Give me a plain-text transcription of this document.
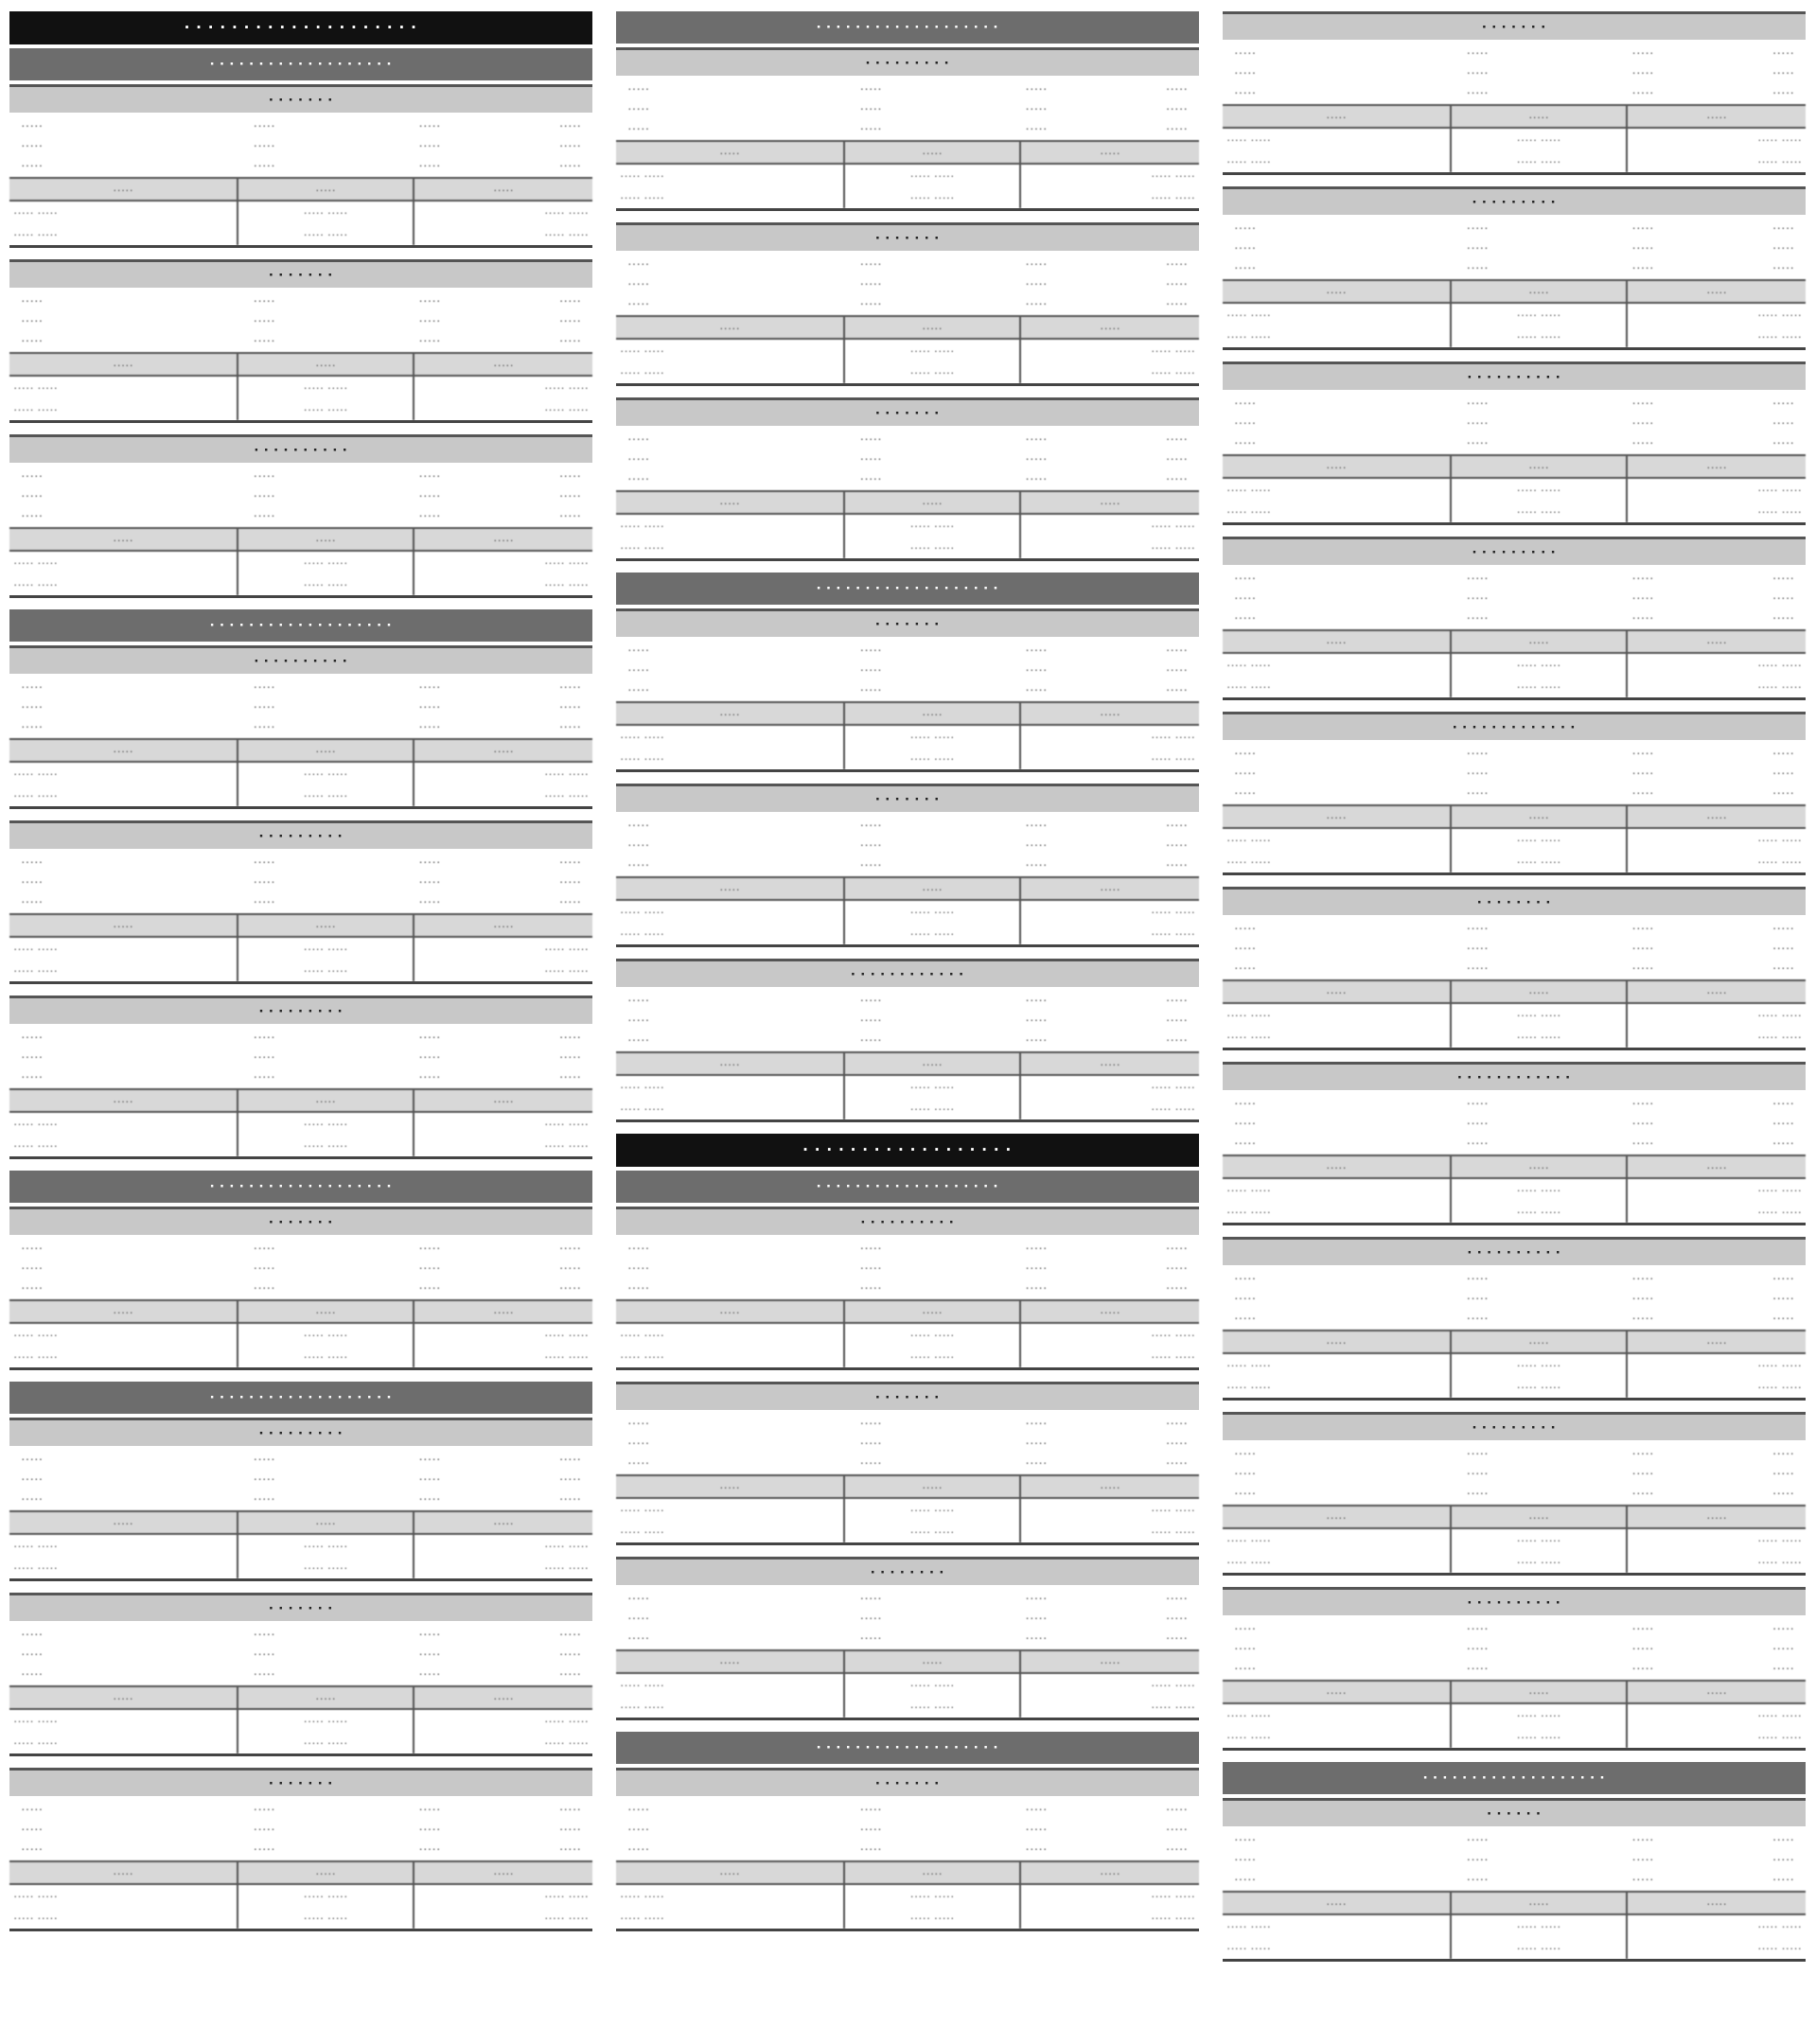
· · · · · · · · · · · · · · · · · · · ·
· · · · · · · · · · · · · · · · · · ·
· · · · · · ·
·····	·····	·····	·····
·····	·····	·····	·····
·····	·····	·····	·····
·····	·····	·····
····· ·····	····· ·····	····· ·····
····· ·····	····· ·····	····· ·····
· · · · · · ·
·····	·····	·····	·····
·····	·····	·····	·····
·····	·····	·····	·····
·····	·····	·····
····· ·····	····· ·····	····· ·····
····· ·····	····· ·····	····· ·····
· · · · · · · · · ·
·····	·····	·····	·····
·····	·····	·····	·····
·····	·····	·····	·····
·····	·····	·····
····· ·····	····· ·····	····· ·····
····· ·····	····· ·····	····· ·····
· · · · · · · · · · · · · · · · · · ·
· · · · · · · · · ·
·····	·····	·····	·····
·····	·····	·····	·····
·····	·····	·····	·····
·····	·····	·····
····· ·····	····· ·····	····· ·····
····· ·····	····· ·····	····· ·····
· · · · · · · · ·
·····	·····	·····	·····
·····	·····	·····	·····
·····	·····	·····	·····
·····	·····	·····
····· ·····	····· ·····	····· ·····
····· ·····	····· ·····	····· ·····
· · · · · · · · ·
·····	·····	·····	·····
·····	·····	·····	·····
·····	·····	·····	·····
·····	·····	·····
····· ·····	····· ·····	····· ·····
····· ·····	····· ·····	····· ·····
· · · · · · · · · · · · · · · · · · ·
· · · · · · ·
·····	·····	·····	·····
·····	·····	·····	·····
·····	·····	·····	·····
·····	·····	·····
····· ·····	····· ·····	····· ·····
····· ·····	····· ·····	····· ·····
· · · · · · · · · · · · · · · · · · ·
· · · · · · · · ·
·····	·····	·····	·····
·····	·····	·····	·····
·····	·····	·····	·····
·····	·····	·····
····· ·····	····· ·····	····· ·····
····· ·····	····· ·····	····· ·····
· · · · · · ·
·····	·····	·····	·····
·····	·····	·····	·····
·····	·····	·····	·····
·····	·····	·····
····· ·····	····· ·····	····· ·····
····· ·····	····· ·····	····· ·····
· · · · · · ·
·····	·····	·····	·····
·····	·····	·····	·····
·····	·····	·····	·····
·····	·····	·····
····· ·····	····· ·····	····· ·····
····· ·····	····· ·····	····· ·····
· · · · · · · · · · · · · · · · · · ·
· · · · · · · · ·
·····	·····	·····	·····
·····	·····	·····	·····
·····	·····	·····	·····
·····	·····	·····
····· ·····	····· ·····	····· ·····
····· ·····	····· ·····	····· ·····
· · · · · · ·
·····	·····	·····	·····
·····	·····	·····	·····
·····	·····	·····	·····
·····	·····	·····
····· ·····	····· ·····	····· ·····
····· ·····	····· ·····	····· ·····
· · · · · · ·
·····	·····	·····	·····
·····	·····	·····	·····
·····	·····	·····	·····
·····	·····	·····
····· ·····	····· ·····	····· ·····
····· ·····	····· ·····	····· ·····
· · · · · · · · · · · · · · · · · · ·
· · · · · · ·
·····	·····	·····	·····
·····	·····	·····	·····
·····	·····	·····	·····
·····	·····	·····
····· ·····	····· ·····	····· ·····
····· ·····	····· ·····	····· ·····
· · · · · · ·
·····	·····	·····	·····
·····	·····	·····	·····
·····	·····	·····	·····
·····	·····	·····
····· ·····	····· ·····	····· ·····
····· ·····	····· ·····	····· ·····
· · · · · · · · · · · ·
·····	·····	·····	·····
·····	·····	·····	·····
·····	·····	·····	·····
·····	·····	·····
····· ·····	····· ·····	····· ·····
····· ·····	····· ·····	····· ·····
· · · · · · · · · · · · · · · · · ·
· · · · · · · · · · · · · · · · · · ·
· · · · · · · · · ·
·····	·····	·····	·····
·····	·····	·····	·····
·····	·····	·····	·····
·····	·····	·····
····· ·····	····· ·····	····· ·····
····· ·····	····· ·····	····· ·····
· · · · · · ·
·····	·····	·····	·····
·····	·····	·····	·····
·····	·····	·····	·····
·····	·····	·····
····· ·····	····· ·····	····· ·····
····· ·····	····· ·····	····· ·····
· · · · · · · ·
·····	·····	·····	·····
·····	·····	·····	·····
·····	·····	·····	·····
·····	·····	·····
····· ·····	····· ·····	····· ·····
····· ·····	····· ·····	····· ·····
· · · · · · · · · · · · · · · · · · ·
· · · · · · ·
·····	·····	·····	·····
·····	·····	·····	·····
·····	·····	·····	·····
·····	·····	·····
····· ·····	····· ·····	····· ·····
····· ·····	····· ·····	····· ·····
· · · · · · ·
·····	·····	·····	·····
·····	·····	·····	·····
·····	·····	·····	·····
·····	·····	·····
····· ·····	····· ·····	····· ·····
····· ·····	····· ·····	····· ·····
· · · · · · · · ·
·····	·····	·····	·····
·····	·····	·····	·····
·····	·····	·····	·····
·····	·····	·····
····· ·····	····· ·····	····· ·····
····· ·····	····· ·····	····· ·····
· · · · · · · · · ·
·····	·····	·····	·····
·····	·····	·····	·····
·····	·····	·····	·····
·····	·····	·····
····· ·····	····· ·····	····· ·····
····· ·····	····· ·····	····· ·····
· · · · · · · · ·
·····	·····	·····	·····
·····	·····	·····	·····
·····	·····	·····	·····
·····	·····	·····
····· ·····	····· ·····	····· ·····
····· ·····	····· ·····	····· ·····
· · · · · · · · · · · · ·
·····	·····	·····	·····
·····	·····	·····	·····
·····	·····	·····	·····
·····	·····	·····
····· ·····	····· ·····	····· ·····
····· ·····	····· ·····	····· ·····
· · · · · · · ·
·····	·····	·····	·····
·····	·····	·····	·····
·····	·····	·····	·····
·····	·····	·····
····· ·····	····· ·····	····· ·····
····· ·····	····· ·····	····· ·····
· · · · · · · · · · · ·
·····	·····	·····	·····
·····	·····	·····	·····
·····	·····	·····	·····
·····	·····	·····
····· ·····	····· ·····	····· ·····
····· ·····	····· ·····	····· ·····
· · · · · · · · · ·
·····	·····	·····	·····
·····	·····	·····	·····
·····	·····	·····	·····
·····	·····	·····
····· ·····	····· ·····	····· ·····
····· ·····	····· ·····	····· ·····
· · · · · · · · ·
·····	·····	·····	·····
·····	·····	·····	·····
·····	·····	·····	·····
·····	·····	·····
····· ·····	····· ·····	····· ·····
····· ·····	····· ·····	····· ·····
· · · · · · · · · ·
·····	·····	·····	·····
·····	·····	·····	·····
·····	·····	·····	·····
·····	·····	·····
····· ·····	····· ·····	····· ·····
····· ·····	····· ·····	····· ·····
· · · · · · · · · · · · · · · · · · ·
· · · · · ·
·····	·····	·····	·····
·····	·····	·····	·····
·····	·····	·····	·····
·····	·····	·····
····· ·····	····· ·····	····· ·····
····· ·····	····· ·····	····· ·····
